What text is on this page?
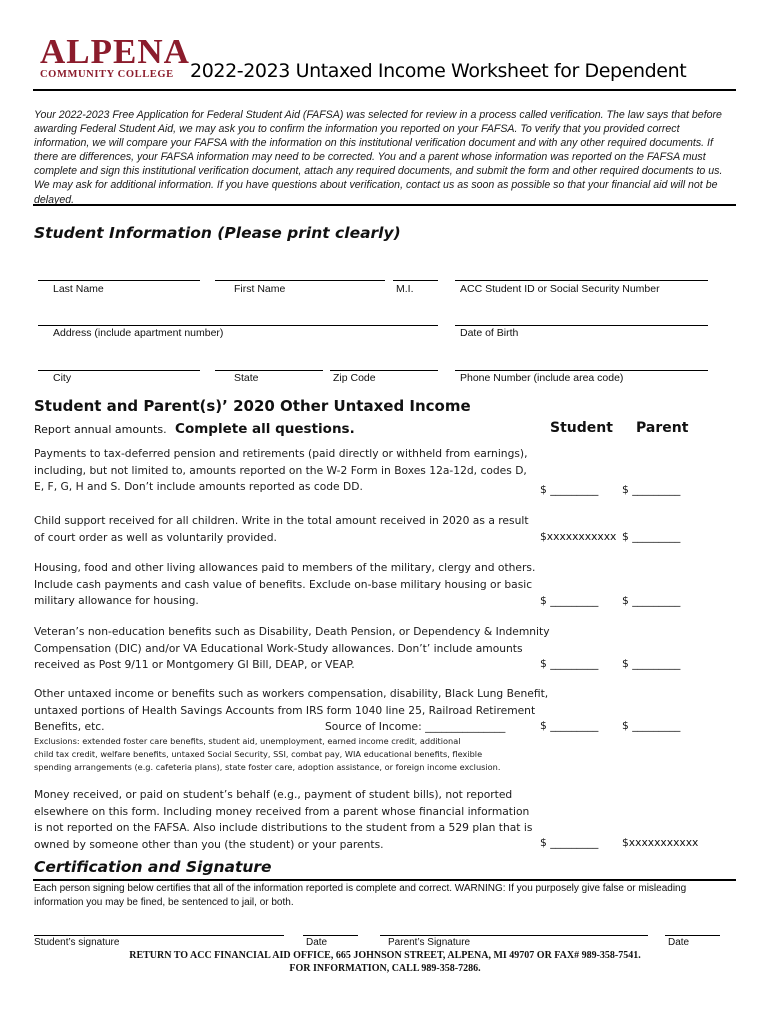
ALPENA
COMMUNITY COLLEGE 2022-2023 Untaxed Income Worksheet for Dependent
Your 2022-2023 Free Application for Federal Student Aid (FAFSA) was selected for review in a process called verification. The law says that before awarding Federal Student Aid, we may ask you to confirm the information you reported on your FAFSA. To verify that you provided correct information, we will compare your FAFSA with the information on this institutional verification document and with any other required documents. If there are differences, your FAFSA information may need to be corrected. You and a parent whose information was reported on the FAFSA must complete and sign this institutional verification document, attach any required documents, and submit the form and other required documents to us. We may ask for additional information. If you have questions about verification, contact us as soon as possible so that your financial aid will not be delayed.
Student Information (Please print clearly)
Last Name	First Name	M.I.	ACC Student ID or Social Security Number
Address (include apartment number)	Date of Birth
City	State	Zip Code	Phone Number (include area code)
Student and Parent(s)’ 2020 Other Untaxed Income
Report annual amounts. Complete all questions.	Student Parent
Payments to tax-deferred pension and retirements (paid directly or withheld from earnings),
including, but not limited to, amounts reported on the W-2 Form in Boxes 12a-12d, codes D,
E, F, G, H and S. Don’t include amounts reported as code DD.	$ _________ $ _________
Child support received for all children. Write in the total amount received in 2020 as a result
of court order as well as voluntarily provided.	$xxxxxxxxxxx $ _________
Housing, food and other living allowances paid to members of the military, clergy and others.
Include cash payments and cash value of benefits. Exclude on-base military housing or basic
military allowance for housing.	$ _________ $ _________
Veteran’s non-education benefits such as Disability, Death Pension, or Dependency & Indemnity
Compensation (DIC) and/or VA Educational Work-Study allowances. Don’t’ include amounts
received as Post 9/11 or Montgomery GI Bill, DEAP, or VEAP.	$ _________ $ _________
Other untaxed income or benefits such as workers compensation, disability, Black Lung Benefit,
untaxed portions of Health Savings Accounts from IRS form 1040 line 25, Railroad Retirement
Benefits, etc.	Source of Income: _______________
Exclusions: extended foster care benefits, student aid, unemployment, earned income credit, additional
child tax credit, welfare benefits, untaxed Social Security, SSI, combat pay, WIA educational benefits, flexible
spending arrangements (e.g. cafeteria plans), state foster care, adoption assistance, or foreign income exclusion.
$ _________ $ _________
Money received, or paid on student’s behalf (e.g., payment of student bills), not reported
elsewhere on this form. Including money received from a parent whose financial information
is not reported on the FAFSA. Also include distributions to the student from a 529 plan that is
owned by someone other than you (the student) or your parents.	$ _________ $xxxxxxxxxxx
Certification and Signature
Each person signing below certifies that all of the information reported is complete and correct. WARNING: If you purposely give false or misleading information you may be fined, be sentenced to jail, or both.
Student’s signature	Date	Parent’s Signature	Date
RETURN TO ACC FINANCIAL AID OFFICE, 665 JOHNSON STREET, ALPENA, MI 49707 OR FAX# 989-358-7541.
FOR INFORMATION, CALL 989-358-7286.
